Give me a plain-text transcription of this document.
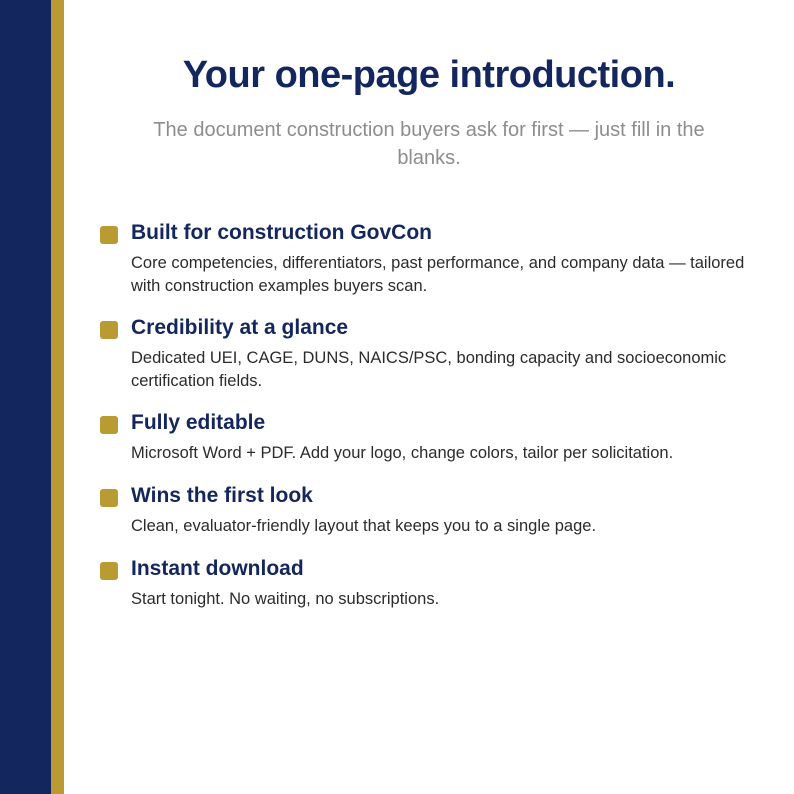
Your one-page introduction.

The document construction buyers ask for first — just fill in the blanks.

Built for construction GovCon
Core competencies, differentiators, past performance, and company data — tailored with construction examples buyers scan.
Credibility at a glance
Dedicated UEI, CAGE, DUNS, NAICS/PSC, bonding capacity and socioeconomic certification fields.
Fully editable
Microsoft Word + PDF. Add your logo, change colors, tailor per solicitation.
Wins the first look
Clean, evaluator-friendly layout that keeps you to a single page.
Instant download
Start tonight. No waiting, no subscriptions.
